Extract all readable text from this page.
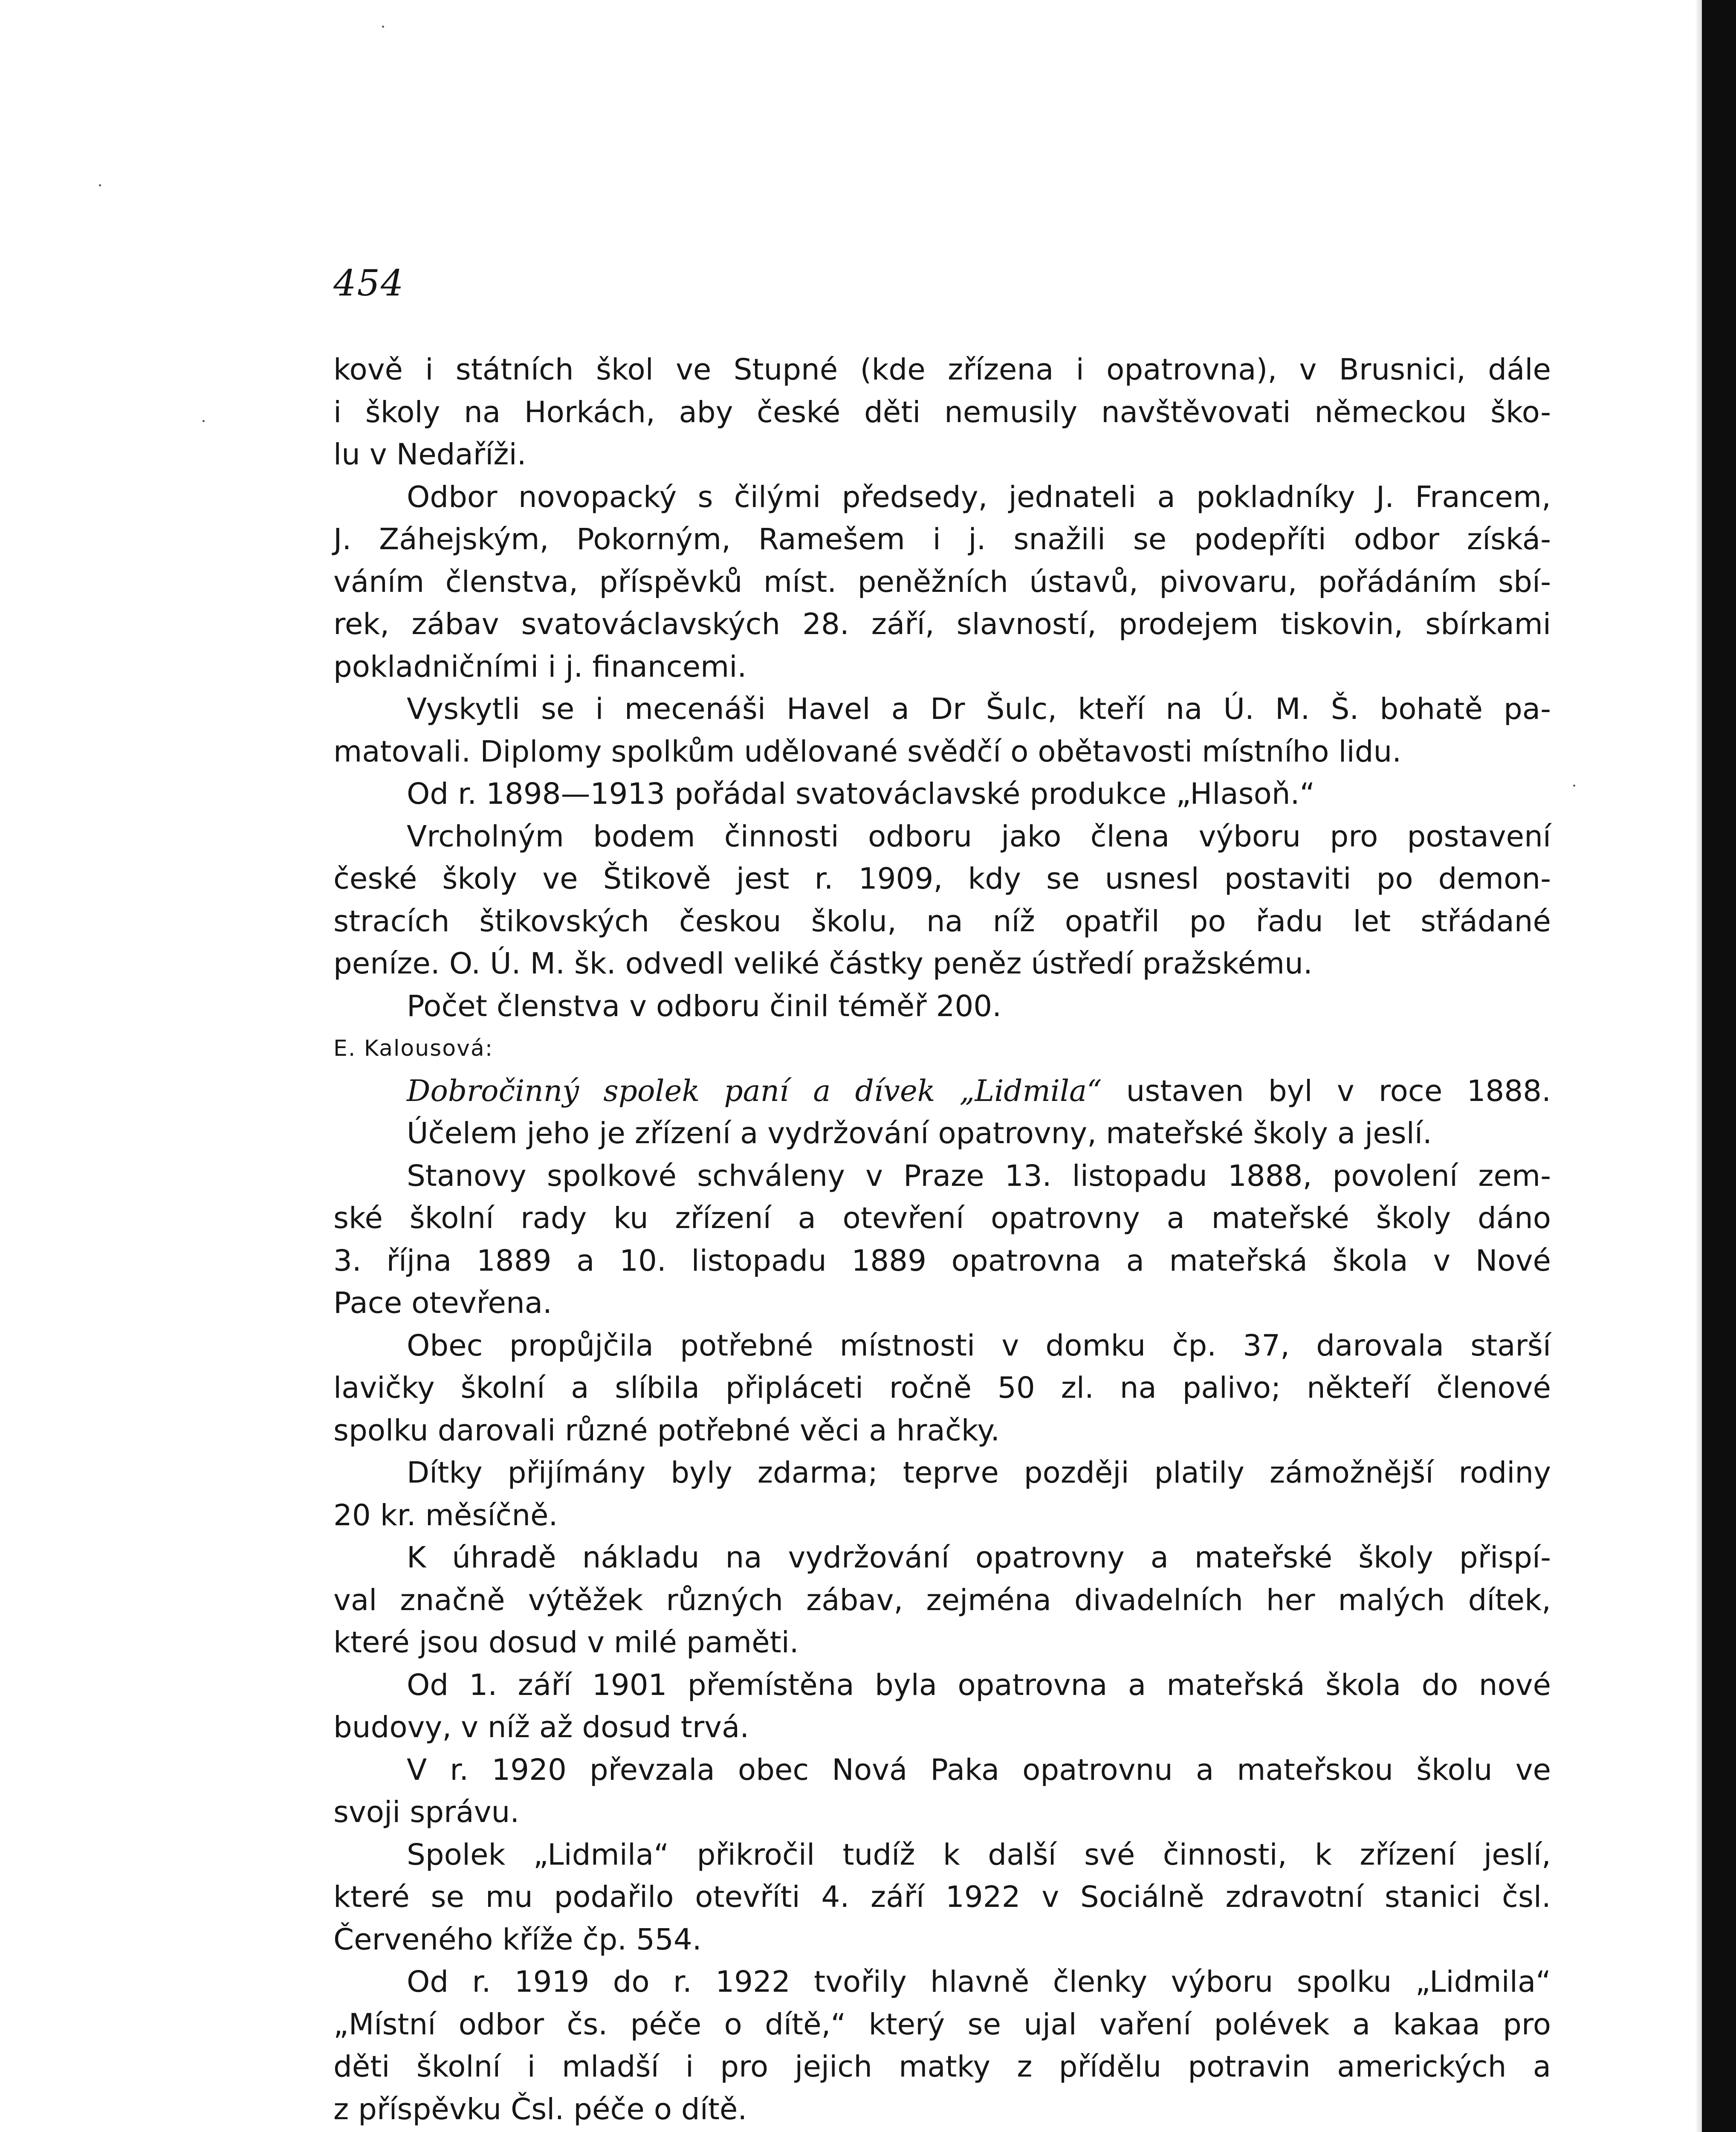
454
kově i státních škol ve Stupné (kde zřízena i opatrovna), v Brusnici, dále
i školy na Horkách, aby české děti nemusily navštěvovati německou ško-
lu v Nedaříži.
Odbor novopacký s čilými předsedy, jednateli a pokladníky J. Francem,
J. Záhejským, Pokorným, Ramešem i j. snažili se podepříti odbor získá-
váním členstva, příspěvků míst. peněžních ústavů, pivovaru, pořádáním sbí-
rek, zábav svatováclavských 28. září, slavností, prodejem tiskovin, sbírkami
pokladničními i j. financemi.
Vyskytli se i mecenáši Havel a Dr Šulc, kteří na Ú. M. Š. bohatě pa-
matovali. Diplomy spolkům udělované svědčí o obětavosti místního lidu.
Od r. 1898—1913 pořádal svatováclavské produkce „Hlasoň.“
Vrcholným bodem činnosti odboru jako člena výboru pro postavení
české školy ve Štikově jest r. 1909, kdy se usnesl postaviti po demon-
stracích štikovských českou školu, na níž opatřil po řadu let střádané
peníze. O. Ú. M. šk. odvedl veliké částky peněz ústředí pražskému.
Počet členstva v odboru činil téměř 200.
E. Kalousová:
Dobročinný spolek paní a dívek „Lidmila“ ustaven byl v roce 1888.
Účelem jeho je zřízení a vydržování opatrovny, mateřské školy a jeslí.
Stanovy spolkové schváleny v Praze 13. listopadu 1888, povolení zem-
ské školní rady ku zřízení a otevření opatrovny a mateřské školy dáno
3. října 1889 a 10. listopadu 1889 opatrovna a mateřská škola v Nové
Pace otevřena.
Obec propůjčila potřebné místnosti v domku čp. 37, darovala starší
lavičky školní a slíbila připláceti ročně 50 zl. na palivo; někteří členové
spolku darovali různé potřebné věci a hračky.
Dítky přijímány byly zdarma; teprve později platily zámožnější rodiny
20 kr. měsíčně.
K úhradě nákladu na vydržování opatrovny a mateřské školy přispí-
val značně výtěžek různých zábav, zejména divadelních her malých dítek,
které jsou dosud v milé paměti.
Od 1. září 1901 přemístěna byla opatrovna a mateřská škola do nové
budovy, v níž až dosud trvá.
V r. 1920 převzala obec Nová Paka opatrovnu a mateřskou školu ve
svoji správu.
Spolek „Lidmila“ přikročil tudíž k další své činnosti, k zřízení jeslí,
které se mu podařilo otevříti 4. září 1922 v Sociálně zdravotní stanici čsl.
Červeného kříže čp. 554.
Od r. 1919 do r. 1922 tvořily hlavně členky výboru spolku „Lidmila“
„Místní odbor čs. péče o dítě,“ který se ujal vaření polévek a kakaa pro
děti školní i mladší i pro jejich matky z přídělu potravin amerických a
z příspěvku Čsl. péče o dítě.
